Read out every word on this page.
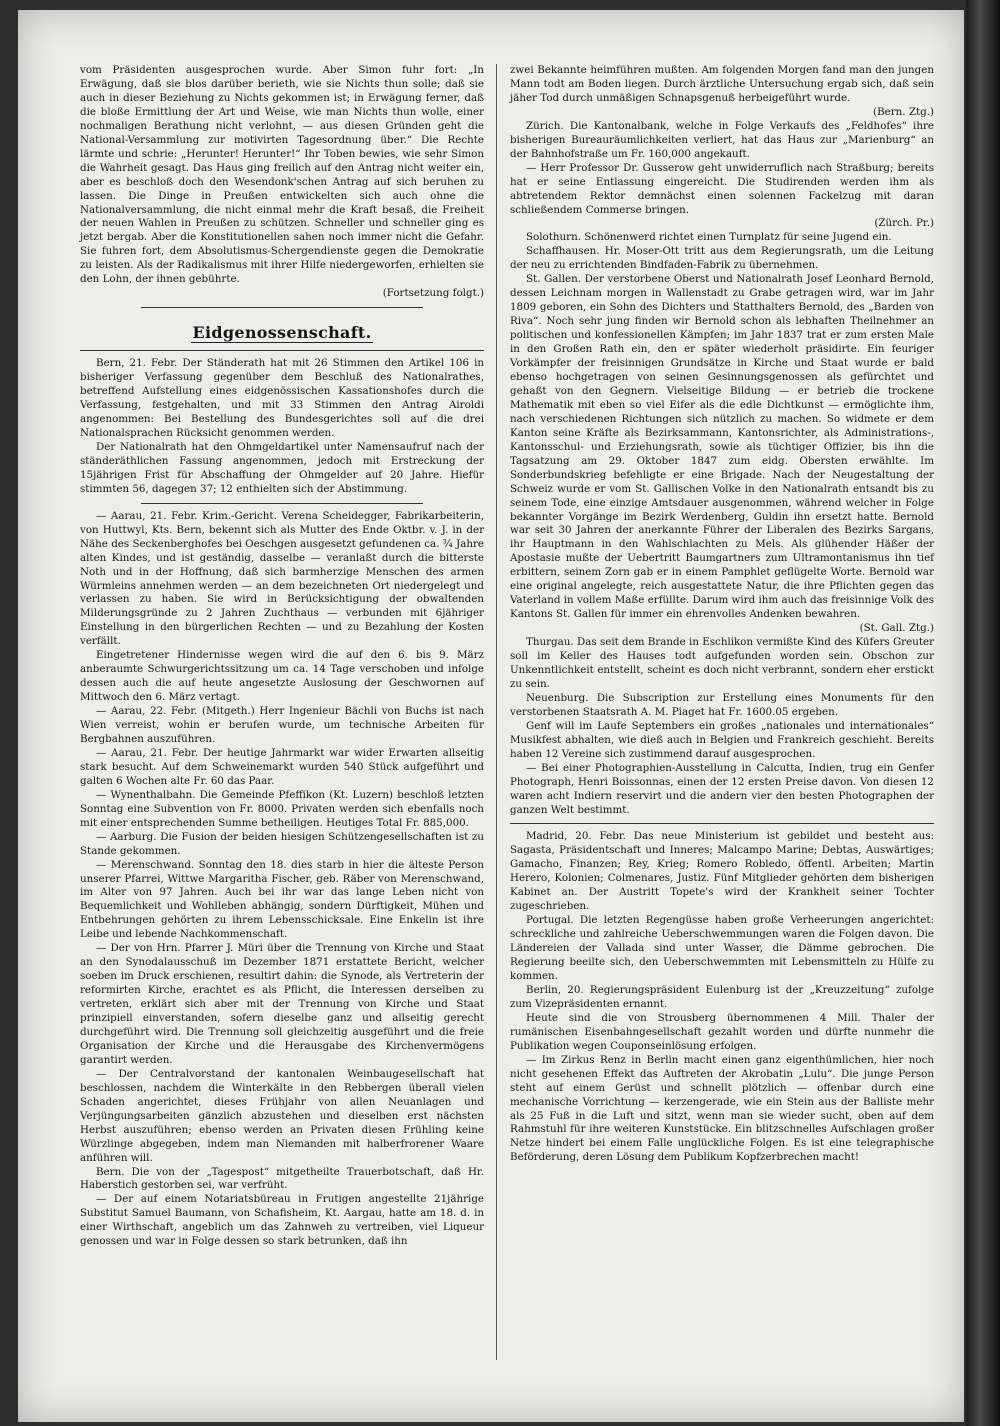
vom Präsidenten ausgesprochen wurde. Aber Simon fuhr fort: „In Erwägung, daß sie blos darüber berieth, wie sie Nichts thun solle; daß sie auch in dieser Beziehung zu Nichts gekommen ist; in Erwägung ferner, daß die bloße Ermittlung der Art und Weise, wie man Nichts thun wolle, einer nochmaligen Berathung nicht verlohnt, — aus diesen Gründen geht die National-Versammlung zur motivirten Tagesordnung über.“ Die Rechte lärmte und schrie: „Herunter! Herunter!“ Ihr Toben bewies, wie sehr Simon die Wahrheit gesagt. Das Haus ging freilich auf den Antrag nicht weiter ein, aber es beschloß doch den Wesendonk'schen Antrag auf sich beruhen zu lassen. Die Dinge in Preußen entwickelten sich auch ohne die Nationalversammlung, die nicht einmal mehr die Kraft besaß, die Freiheit der neuen Wahlen in Preußen zu schützen. Schneller und schneller ging es jetzt bergab. Aber die Konstitutionellen sahen noch immer nicht die Gefahr. Sie fuhren fort, dem Absolutismus-Schergendienste gegen die Demokratie zu leisten. Als der Radikalismus mit ihrer Hilfe niedergeworfen, erhielten sie den Lohn, der ihnen gebührte.

(Fortsetzung folgt.)

Eidgenossenschaft.

Bern, 21. Febr. Der Ständerath hat mit 26 Stimmen den Artikel 106 in bisheriger Verfassung gegenüber dem Beschluß des Nationalrathes, betreffend Aufstellung eines eidgenössischen Kassationshofes durch die Verfassung, festgehalten, und mit 33 Stimmen den Antrag Airoldi angenommen: Bei Bestellung des Bundesgerichtes soll auf die drei Nationalsprachen Rücksicht genommen werden.

Der Nationalrath hat den Ohmgeldartikel unter Namensaufruf nach der ständeräthlichen Fassung angenommen, jedoch mit Erstreckung der 15jährigen Frist für Abschaffung der Ohmgelder auf 20 Jahre. Hiefür stimmten 56, dagegen 37; 12 enthielten sich der Abstimmung.

— Aarau, 21. Febr. Krim.-Gericht. Verena Scheidegger, Fabrikarbeiterin, von Huttwyl, Kts. Bern, bekennt sich als Mutter des Ende Oktbr. v. J. in der Nähe des Seckenberghofes bei Oeschgen ausgesetzt gefundenen ca. ¾ Jahre alten Kindes, und ist geständig, dasselbe — veranlaßt durch die bitterste Noth und in der Hoffnung, daß sich barmherzige Menschen des armen Würmleins annehmen werden — an dem bezeichneten Ort niedergelegt und verlassen zu haben. Sie wird in Berücksichtigung der obwaltenden Milderungsgründe zu 2 Jahren Zuchthaus — verbunden mit 6jähriger Einstellung in den bürgerlichen Rechten — und zu Bezahlung der Kosten verfällt.

Eingetretener Hindernisse wegen wird die auf den 6. bis 9. März anberaumte Schwurgerichtssitzung um ca. 14 Tage verschoben und infolge dessen auch die auf heute angesetzte Auslosung der Geschwornen auf Mittwoch den 6. März vertagt.

— Aarau, 22. Febr. (Mitgeth.) Herr Ingenieur Bächli von Buchs ist nach Wien verreist, wohin er berufen wurde, um technische Arbeiten für Bergbahnen auszuführen.

— Aarau, 21. Febr. Der heutige Jahrmarkt war wider Erwarten allseitig stark besucht. Auf dem Schweinemarkt wurden 540 Stück aufgeführt und galten 6 Wochen alte Fr. 60 das Paar.

— Wynenthalbahn. Die Gemeinde Pfeffikon (Kt. Luzern) beschloß letzten Sonntag eine Subvention von Fr. 8000. Privaten werden sich ebenfalls noch mit einer entsprechenden Summe betheiligen. Heutiges Total Fr. 885,000.

— Aarburg. Die Fusion der beiden hiesigen Schützengesellschaften ist zu Stande gekommen.

— Merenschwand. Sonntag den 18. dies starb in hier die älteste Person unserer Pfarrei, Wittwe Margaritha Fischer, geb. Räber von Merenschwand, im Alter von 97 Jahren. Auch bei ihr war das lange Leben nicht von Bequemlichkeit und Wohlleben abhängig, sondern Dürftigkeit, Mühen und Entbehrungen gehörten zu ihrem Lebensschicksale. Eine Enkelin ist ihre Leibe und lebende Nachkommenschaft.

— Der von Hrn. Pfarrer J. Müri über die Trennung von Kirche und Staat an den Synodalausschuß im Dezember 1871 erstattete Bericht, welcher soeben im Druck erschienen, resultirt dahin: die Synode, als Vertreterin der reformirten Kirche, erachtet es als Pflicht, die Interessen derselben zu vertreten, erklärt sich aber mit der Trennung von Kirche und Staat prinzipiell einverstanden, sofern dieselbe ganz und allseitig gerecht durchgeführt wird. Die Trennung soll gleichzeitig ausgeführt und die freie Organisation der Kirche und die Herausgabe des Kirchenvermögens garantirt werden.

— Der Centralvorstand der kantonalen Weinbaugesellschaft hat beschlossen, nachdem die Winterkälte in den Rebbergen überall vielen Schaden angerichtet, dieses Frühjahr von allen Neuanlagen und Verjüngungsarbeiten gänzlich abzustehen und dieselben erst nächsten Herbst auszuführen; ebenso werden an Privaten diesen Frühling keine Würzlinge abgegeben, indem man Niemanden mit halberfrorener Waare anführen will.

Bern. Die von der „Tagespost“ mitgetheilte Trauerbotschaft, daß Hr. Haberstich gestorben sei, war verfrüht.

— Der auf einem Notariatsbüreau in Frutigen angestellte 21jährige Substitut Samuel Baumann, von Schafisheim, Kt. Aargau, hatte am 18. d. in einer Wirthschaft, angeblich um das Zahnweh zu vertreiben, viel Liqueur genossen und war in Folge dessen so stark betrunken, daß ihn

zwei Bekannte heimführen mußten. Am folgenden Morgen fand man den jungen Mann todt am Boden liegen. Durch ärztliche Untersuchung ergab sich, daß sein jäher Tod durch unmäßigen Schnapsgenuß herbeigeführt wurde.

(Bern. Ztg.)

Zürich. Die Kantonalbank, welche in Folge Verkaufs des „Feldhofes“ ihre bisherigen Bureauräumlichkeiten verliert, hat das Haus zur „Marienburg“ an der Bahnhofstraße um Fr. 160,000 angekauft.

— Herr Professor Dr. Gusserow geht unwiderruflich nach Straßburg; bereits hat er seine Entlassung eingereicht. Die Studirenden werden ihm als abtretendem Rektor demnächst einen solennen Fackelzug mit daran schließendem Commerse bringen.

(Zürch. Pr.)

Solothurn. Schönenwerd richtet einen Turnplatz für seine Jugend ein.

Schaffhausen. Hr. Moser-Ott tritt aus dem Regierungsrath, um die Leitung der neu zu errichtenden Bindfaden-Fabrik zu übernehmen.

St. Gallen. Der verstorbene Oberst und Nationalrath Josef Leonhard Bernold, dessen Leichnam morgen in Wallenstadt zu Grabe getragen wird, war im Jahr 1809 geboren, ein Sohn des Dichters und Statthalters Bernold, des „Barden von Riva“. Noch sehr jung finden wir Bernold schon als lebhaften Theilnehmer an politischen und konfessionellen Kämpfen; im Jahr 1837 trat er zum ersten Male in den Großen Rath ein, den er später wiederholt präsidirte. Ein feuriger Vorkämpfer der freisinnigen Grundsätze in Kirche und Staat wurde er bald ebenso hochgetragen von seinen Gesinnungsgenossen als gefürchtet und gehaßt von den Gegnern. Vielseitige Bildung — er betrieb die trockene Mathematik mit eben so viel Eifer als die edle Dichtkunst — ermöglichte ihm, nach verschiedenen Richtungen sich nützlich zu machen. So widmete er dem Kanton seine Kräfte als Bezirksammann, Kantonsrichter, als Administrations-, Kantonsschul- und Erziehungsrath, sowie als tüchtiger Offizier, bis ihn die Tagsatzung am 29. Oktober 1847 zum eidg. Obersten erwählte. Im Sonderbundskrieg befehligte er eine Brigade. Nach der Neugestaltung der Schweiz wurde er vom St. Gallischen Volke in den Nationalrath entsandt bis zu seinem Tode, eine einzige Amtsdauer ausgenommen, während welcher in Folge bekannter Vorgänge im Bezirk Werdenberg, Guldin ihn ersetzt hatte. Bernold war seit 30 Jahren der anerkannte Führer der Liberalen des Bezirks Sargans, ihr Hauptmann in den Wahlschlachten zu Mels. Als glühender Häßer der Apostasie mußte der Uebertritt Baumgartners zum Ultramontanismus ihn tief erbittern, seinem Zorn gab er in einem Pamphlet geflügelte Worte. Bernold war eine original angelegte, reich ausgestattete Natur, die ihre Pflichten gegen das Vaterland in vollem Maße erfüllte. Darum wird ihm auch das freisinnige Volk des Kantons St. Gallen für immer ein ehrenvolles Andenken bewahren.

(St. Gall. Ztg.)

Thurgau. Das seit dem Brande in Eschlikon vermißte Kind des Küfers Greuter soll im Keller des Hauses todt aufgefunden worden sein. Obschon zur Unkenntlichkeit entstellt, scheint es doch nicht verbrannt, sondern eher erstickt zu sein.

Neuenburg. Die Subscription zur Erstellung eines Monuments für den verstorbenen Staatsrath A. M. Piaget hat Fr. 1600.05 ergeben.

Genf will im Laufe Septembers ein großes „nationales und internationales“ Musikfest abhalten, wie dieß auch in Belgien und Frankreich geschieht. Bereits haben 12 Vereine sich zustimmend darauf ausgesprochen.

— Bei einer Photographien-Ausstellung in Calcutta, Indien, trug ein Genfer Photograph, Henri Boissonnas, einen der 12 ersten Preise davon. Von diesen 12 waren acht Indiern reservirt und die andern vier den besten Photographen der ganzen Welt bestimmt.

Madrid, 20. Febr. Das neue Ministerium ist gebildet und besteht aus: Sagasta, Präsidentschaft und Inneres; Malcampo Marine; Debtas, Auswärtiges; Gamacho, Finanzen; Rey, Krieg; Romero Robledo, öffentl. Arbeiten; Martin Herero, Kolonien; Colmenares, Justiz. Fünf Mitglieder gehörten dem bisherigen Kabinet an. Der Austritt Topete's wird der Krankheit seiner Tochter zugeschrieben.

Portugal. Die letzten Regengüsse haben große Verheerungen angerichtet: schreckliche und zahlreiche Ueberschwemmungen waren die Folgen davon. Die Ländereien der Vallada sind unter Wasser, die Dämme gebrochen. Die Regierung beeilte sich, den Ueberschwemmten mit Lebensmitteln zu Hülfe zu kommen.

Berlin, 20. Regierungspräsident Eulenburg ist der „Kreuzzeitung“ zufolge zum Vizepräsidenten ernannt.

Heute sind die von Strousberg übernommenen 4 Mill. Thaler der rumänischen Eisenbahngesellschaft gezahlt worden und dürfte nunmehr die Publikation wegen Couponseinlösung erfolgen.

— Im Zirkus Renz in Berlin macht einen ganz eigenthümlichen, hier noch nicht gesehenen Effekt das Auftreten der Akrobatin „Lulu“. Die junge Person steht auf einem Gerüst und schnellt plötzlich — offenbar durch eine mechanische Vorrichtung — kerzengerade, wie ein Stein aus der Balliste mehr als 25 Fuß in die Luft und sitzt, wenn man sie wieder sucht, oben auf dem Rahmstuhl für ihre weiteren Kunststücke. Ein blitzschnelles Aufschlagen großer Netze hindert bei einem Falle unglückliche Folgen. Es ist eine telegraphische Beförderung, deren Lösung dem Publikum Kopfzerbrechen macht!
